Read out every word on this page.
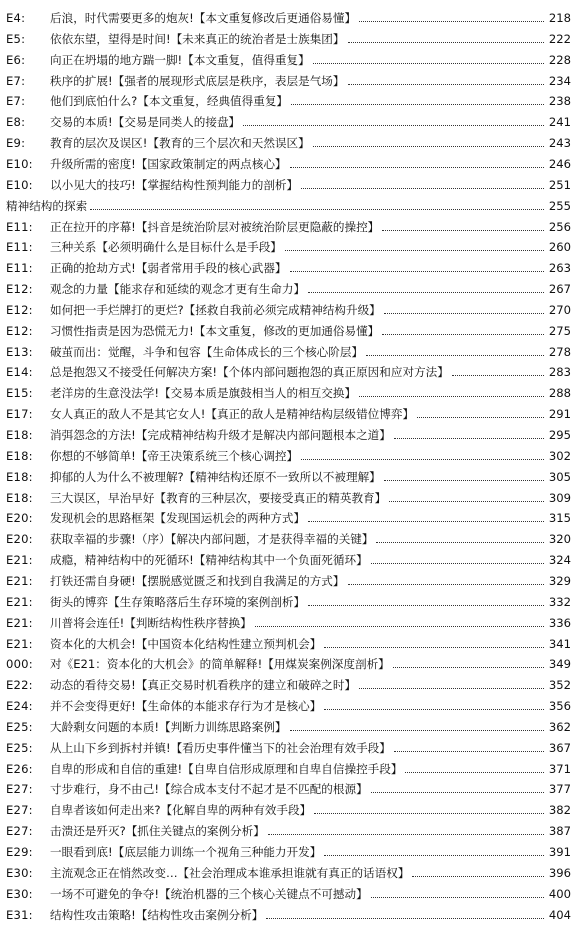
E4:	后浪，时代需要更多的炮灰!【本文重复修改后更通俗易懂】	218
E5:	依依东望，望得是时间!【未来真正的统治者是士族集团】	222
E6:	向正在坍塌的地方踹一脚!【本文重复，值得重复】	228
E7:	秩序的扩展!【强者的展现形式底层是秩序，表层是气场】	234
E7:	他们到底怕什么?【本文重复，经典值得重复】	238
E8:	交易的本质!【交易是同类人的接盘】	241
E9:	教育的层次及误区!【教育的三个层次和天然误区】	243
E10:	升级所需的密度!【国家政策制定的两点核心】	246
E10:	以小见大的技巧!【掌握结构性预判能力的剖析】	251
精神结构的探索	255
E11:	正在拉开的序幕!【抖音是统治阶层对被统治阶层更隐蔽的操控】	256
E11:	三种关系【必须明确什么是目标什么是手段】	260
E11:	正确的抢劫方式!【弱者常用手段的核心武器】	263
E12:	观念的力量【能求存和延续的观念才更有生命力】	267
E12:	如何把一手烂牌打的更烂?【拯救自我前必须完成精神结构升级】	270
E12:	习惯性指责是因为恐慌无力!【本文重复，修改的更加通俗易懂】	275
E13:	破茧而出：觉醒，斗争和包容【生命体成长的三个核心阶层】	278
E14:	总是抱怨又不接受任何解决方案!【个体内部问题抱怨的真正原因和应对方法】	283
E15:	老洋房的生意没法学!【交易本质是旗鼓相当人的相互交换】	288
E17:	女人真正的敌人不是其它女人!【真正的敌人是精神结构层级错位博弈】	291
E18:	消弭怨念的方法!【完成精神结构升级才是解决内部问题根本之道】	295
E18:	你想的不够简单!【帝王决策系统三个核心调控】	302
E18:	抑郁的人为什么不被理解?【精神结构还原不一致所以不被理解】	305
E18:	三大误区，早治早好【教育的三种层次，要接受真正的精英教育】	309
E20:	发现机会的思路框架【发现国运机会的两种方式】	315
E20:	获取幸福的步骤!（序）【解决内部问题，才是获得幸福的关键】	320
E21:	成瘾，精神结构中的死循环!【精神结构其中一个负面死循环】	324
E21:	打铁还需自身硬!【摆脱感觉匮乏和找到自我满足的方式】	329
E21:	街头的博弈【生存策略落后生存环境的案例剖析】	332
E21:	川普将会连任!【判断结构性秩序替换】	336
E21:	资本化的大机会!【中国资本化结构性建立预判机会】	341
000:	对《E21：资本化的大机会》的简单解释!【用煤炭案例深度剖析】	349
E22:	动态的看待交易!【真正交易时机看秩序的建立和破碎之时】	352
E24:	并不会变得更好!【生命体的本能求存行为才是核心】	356
E25:	大龄剩女问题的本质!【判断力训练思路案例】	362
E25:	从上山下乡到拆村并镇!【看历史事件懂当下的社会治理有效手段】	367
E26:	自卑的形成和自信的重建!【自卑自信形成原理和自卑自信操控手段】	371
E27:	寸步难行，身不由己!【综合成本支付不起才是不匹配的根源】	377
E27:	自卑者该如何走出来?【化解自卑的两种有效手段】	382
E27:	击溃还是歼灭?【抓住关键点的案例分析】	387
E29:	一眼看到底!【底层能力训练一个视角三种能力开发】	391
E30:	主流观念正在悄然改变…【社会治理成本谁承担谁就有真正的话语权】	396
E30:	一场不可避免的争夺!【统治机器的三个核心关键点不可撼动】	400
E31:	结构性攻击策略!【结构性攻击案例分析】	404
